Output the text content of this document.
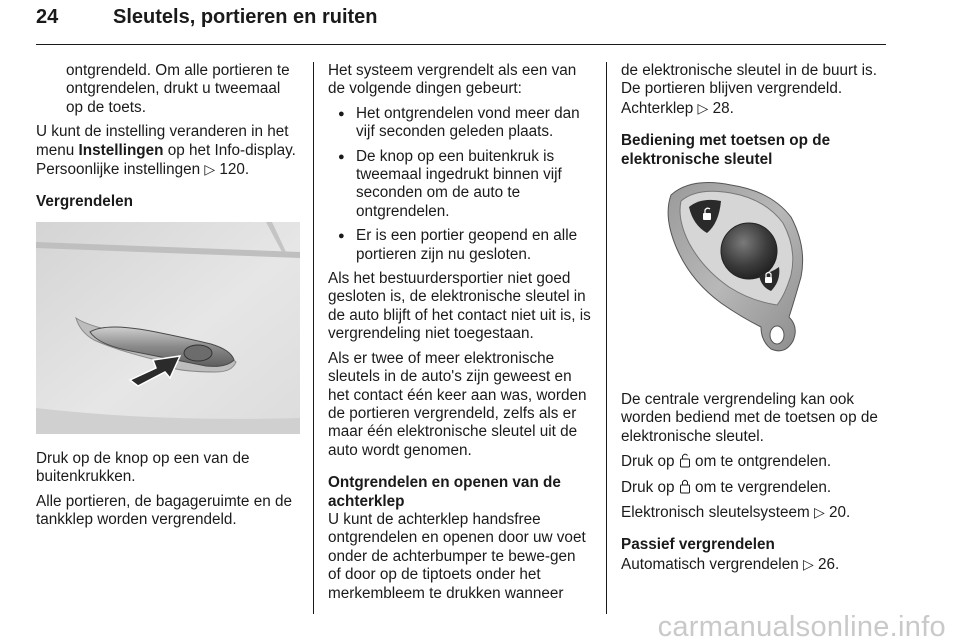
24	Sleutels, portieren en ruiten

ontgrendeld. Om alle portieren te ontgrendelen, drukt u tweemaal op de toets.

U kunt de instelling veranderen in het menu Instellingen op het Info-display. Persoonlijke instellingen ▷ 120.

Vergrendelen

Druk op de knop op een van de buitenkrukken.

Alle portieren, de bagageruimte en de tankklep worden vergrendeld.

Het systeem vergrendelt als een van de volgende dingen gebeurt:

● Het ontgrendelen vond meer dan vijf seconden geleden plaats.
● De knop op een buitenkruk is tweemaal ingedrukt binnen vijf seconden om de auto te ontgrendelen.
● Er is een portier geopend en alle portieren zijn nu gesloten.

Als het bestuurdersportier niet goed gesloten is, de elektronische sleutel in de auto blijft of het contact niet uit is, is vergrendeling niet toegestaan.

Als er twee of meer elektronische sleutels in de auto's zijn geweest en het contact één keer aan was, worden de portieren vergrendeld, zelfs als er maar één elektronische sleutel uit de auto wordt genomen.

Ontgrendelen en openen van de achterklep

U kunt de achterklep handsfree ontgrendelen en openen door uw voet onder de achterbumper te bewe-gen of door op de tiptoets onder het merkembleem te drukken wanneer

de elektronische sleutel in de buurt is. De portieren blijven vergrendeld.

Achterklep ▷ 28.

Bediening met toetsen op de elektronische sleutel

De centrale vergrendeling kan ook worden bediend met de toetsen op de elektronische sleutel.

Druk op  om te ontgrendelen.

Druk op  om te vergrendelen.

Elektronisch sleutelsysteem ▷ 20.

Passief vergrendelen

Automatisch vergrendelen ▷ 26.

carmanualsonline.info
